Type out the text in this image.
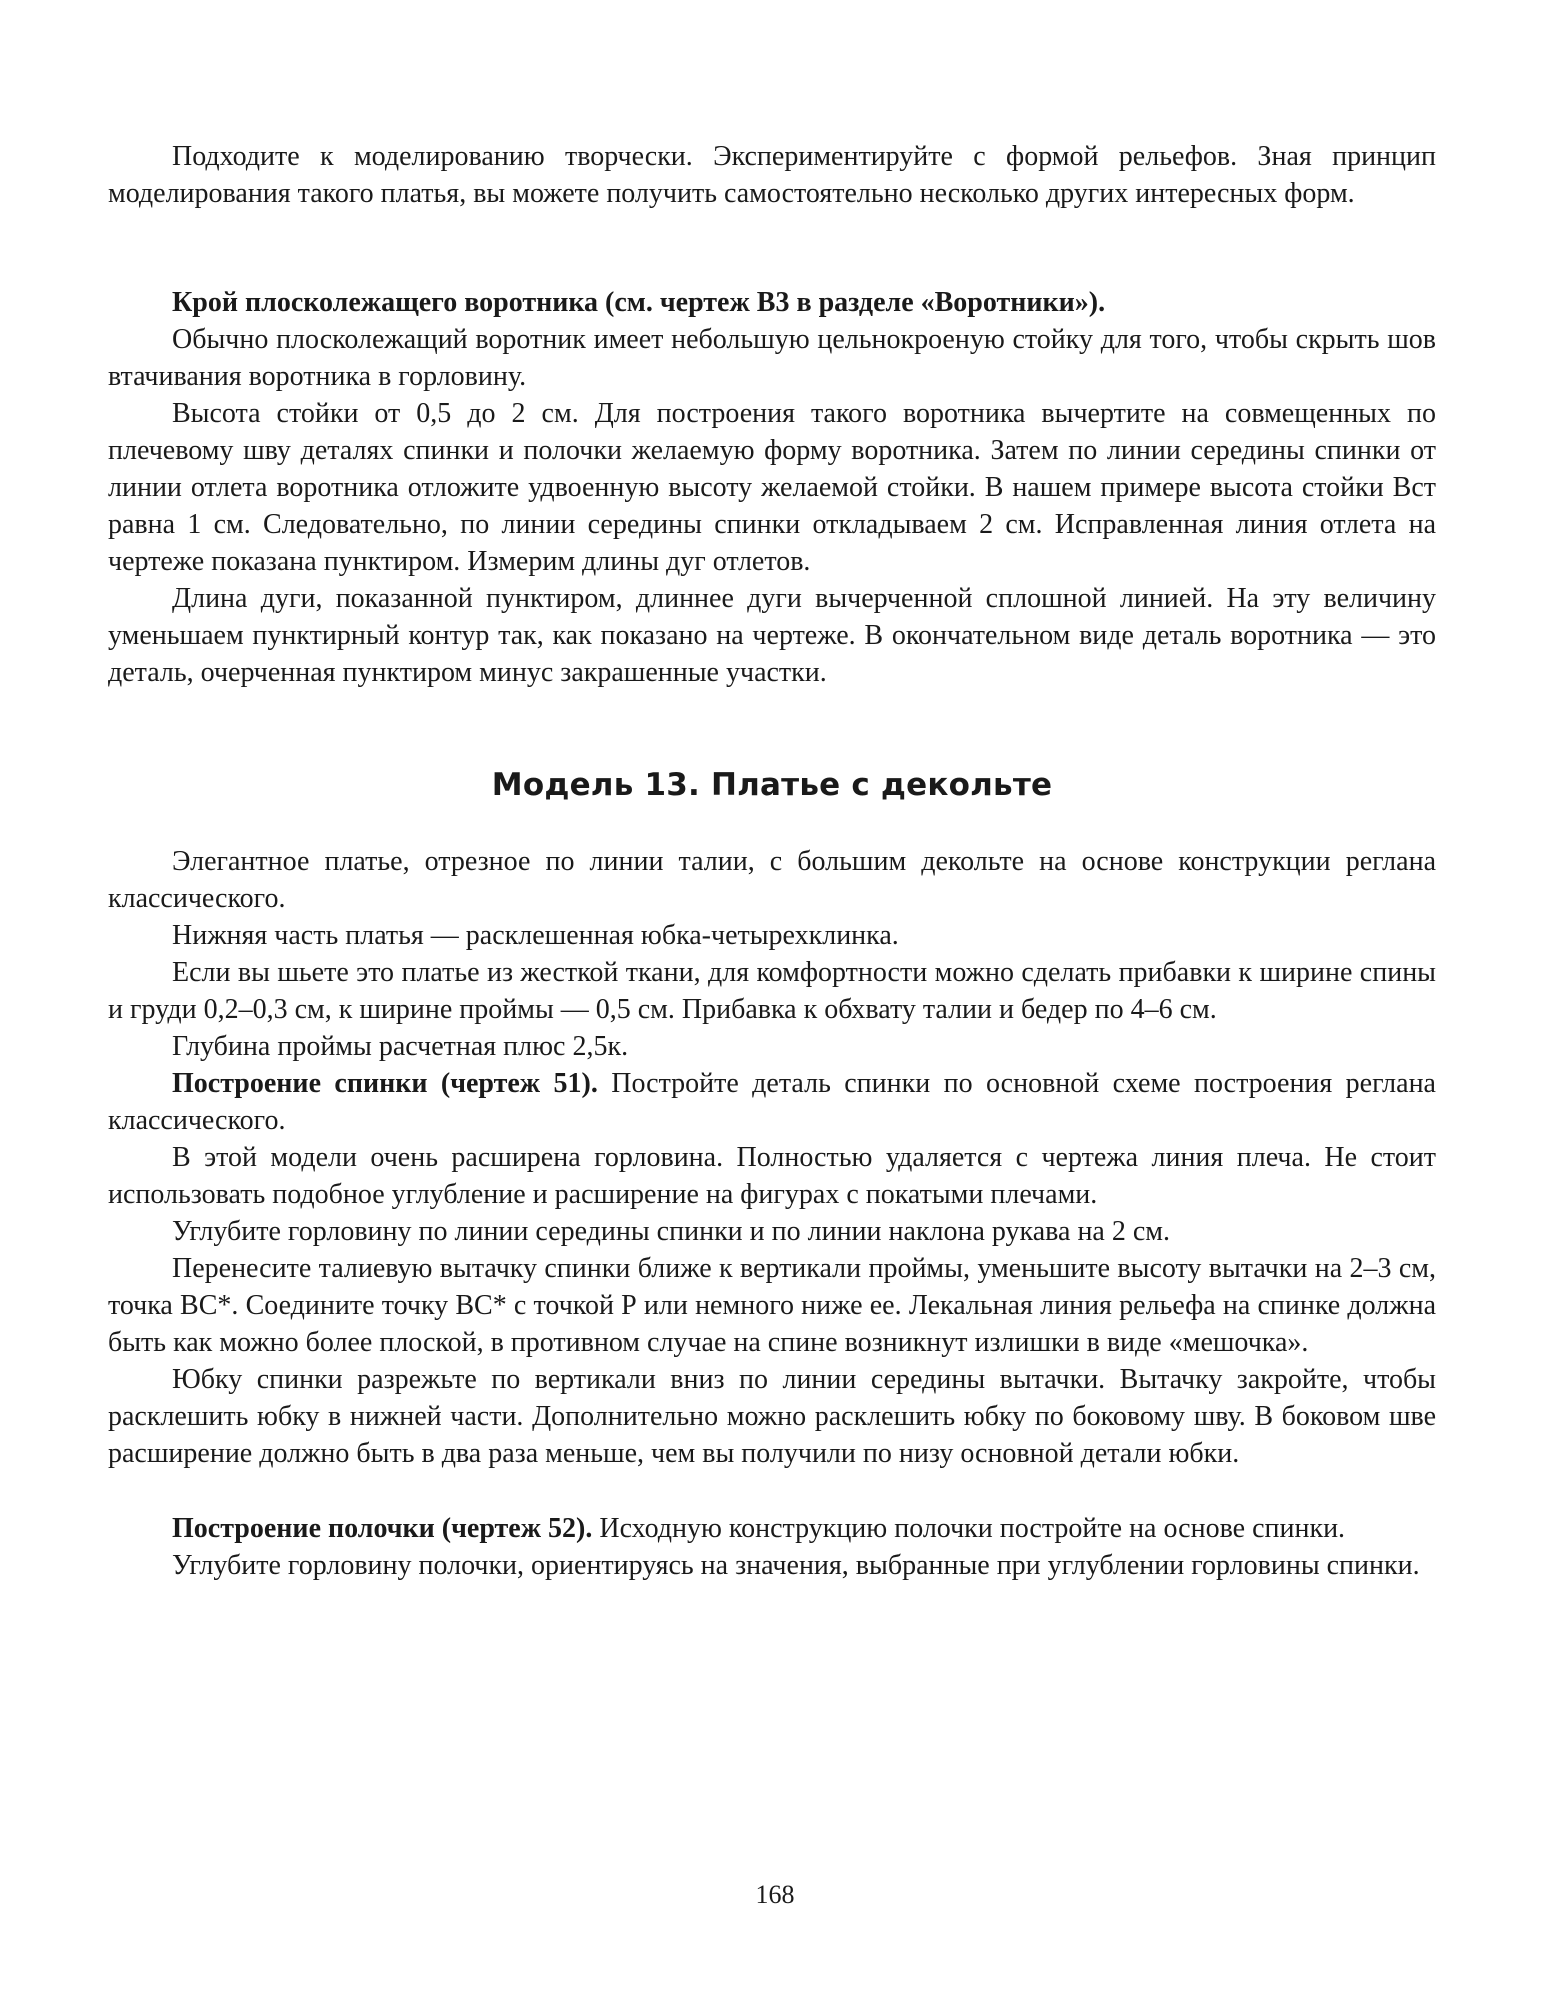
Подходите к моделированию творчески. Экспериментируйте с формой рельефов. Зная принцип моделирования такого платья, вы можете получить самостоятельно несколько других интересных форм.

Крой плосколежащего воротника (см. чертеж В3 в разделе «Воротники»).

Обычно плосколежащий воротник имеет небольшую цельнокроеную стойку для того, чтобы скрыть шов втачивания воротника в горловину.

Высота стойки от 0,5 до 2 см. Для построения такого воротника вычертите на совмещенных по плечевому шву деталях спинки и полочки желаемую форму воротника. Затем по линии середины спинки от линии отлета воротника отложите удвоенную высоту желаемой стойки. В нашем примере высота стойки Вст равна 1 см. Следовательно, по линии середины спинки откладываем 2 см. Исправленная линия отлета на чертеже показана пунктиром. Измерим длины дуг отлетов.

Длина дуги, показанной пунктиром, длиннее дуги вычерченной сплошной линией. На эту величину уменьшаем пунктирный контур так, как показано на чертеже. В окончательном виде деталь воротника — это деталь, очерченная пунктиром минус закрашенные участки.

Модель 13. Платье с декольте

Элегантное платье, отрезное по линии талии, с большим декольте на основе конструкции реглана классического.

Нижняя часть платья — расклешенная юбка-четырехклинка.

Если вы шьете это платье из жесткой ткани, для комфортности можно сделать прибавки к ширине спины и груди 0,2–0,3 см, к ширине проймы — 0,5 см. Прибавка к обхвату талии и бедер по 4–6 см.

Глубина проймы расчетная плюс 2,5к.

Построение спинки (чертеж 51). Постройте деталь спинки по основной схеме построения реглана классического.

В этой модели очень расширена горловина. Полностью удаляется с чертежа линия плеча. Не стоит использовать подобное углубление и расширение на фигурах с покатыми плечами.

Углубите горловину по линии середины спинки и по линии наклона рукава на 2 см.

Перенесите талиевую вытачку спинки ближе к вертикали проймы, уменьшите высоту вытачки на 2–3 см, точка ВС*. Соедините точку ВС* с точкой Р или немного ниже ее. Лекальная линия рельефа на спинке должна быть как можно более плоской, в противном случае на спине возникнут излишки в виде «мешочка».

Юбку спинки разрежьте по вертикали вниз по линии середины вытачки. Вытачку закройте, чтобы расклешить юбку в нижней части. Дополнительно можно расклешить юбку по боковому шву. В боковом шве расширение должно быть в два раза меньше, чем вы получили по низу основной детали юбки.

Построение полочки (чертеж 52). Исходную конструкцию полочки постройте на основе спинки.

Углубите горловину полочки, ориентируясь на значения, выбранные при углублении горловины спинки.

168
